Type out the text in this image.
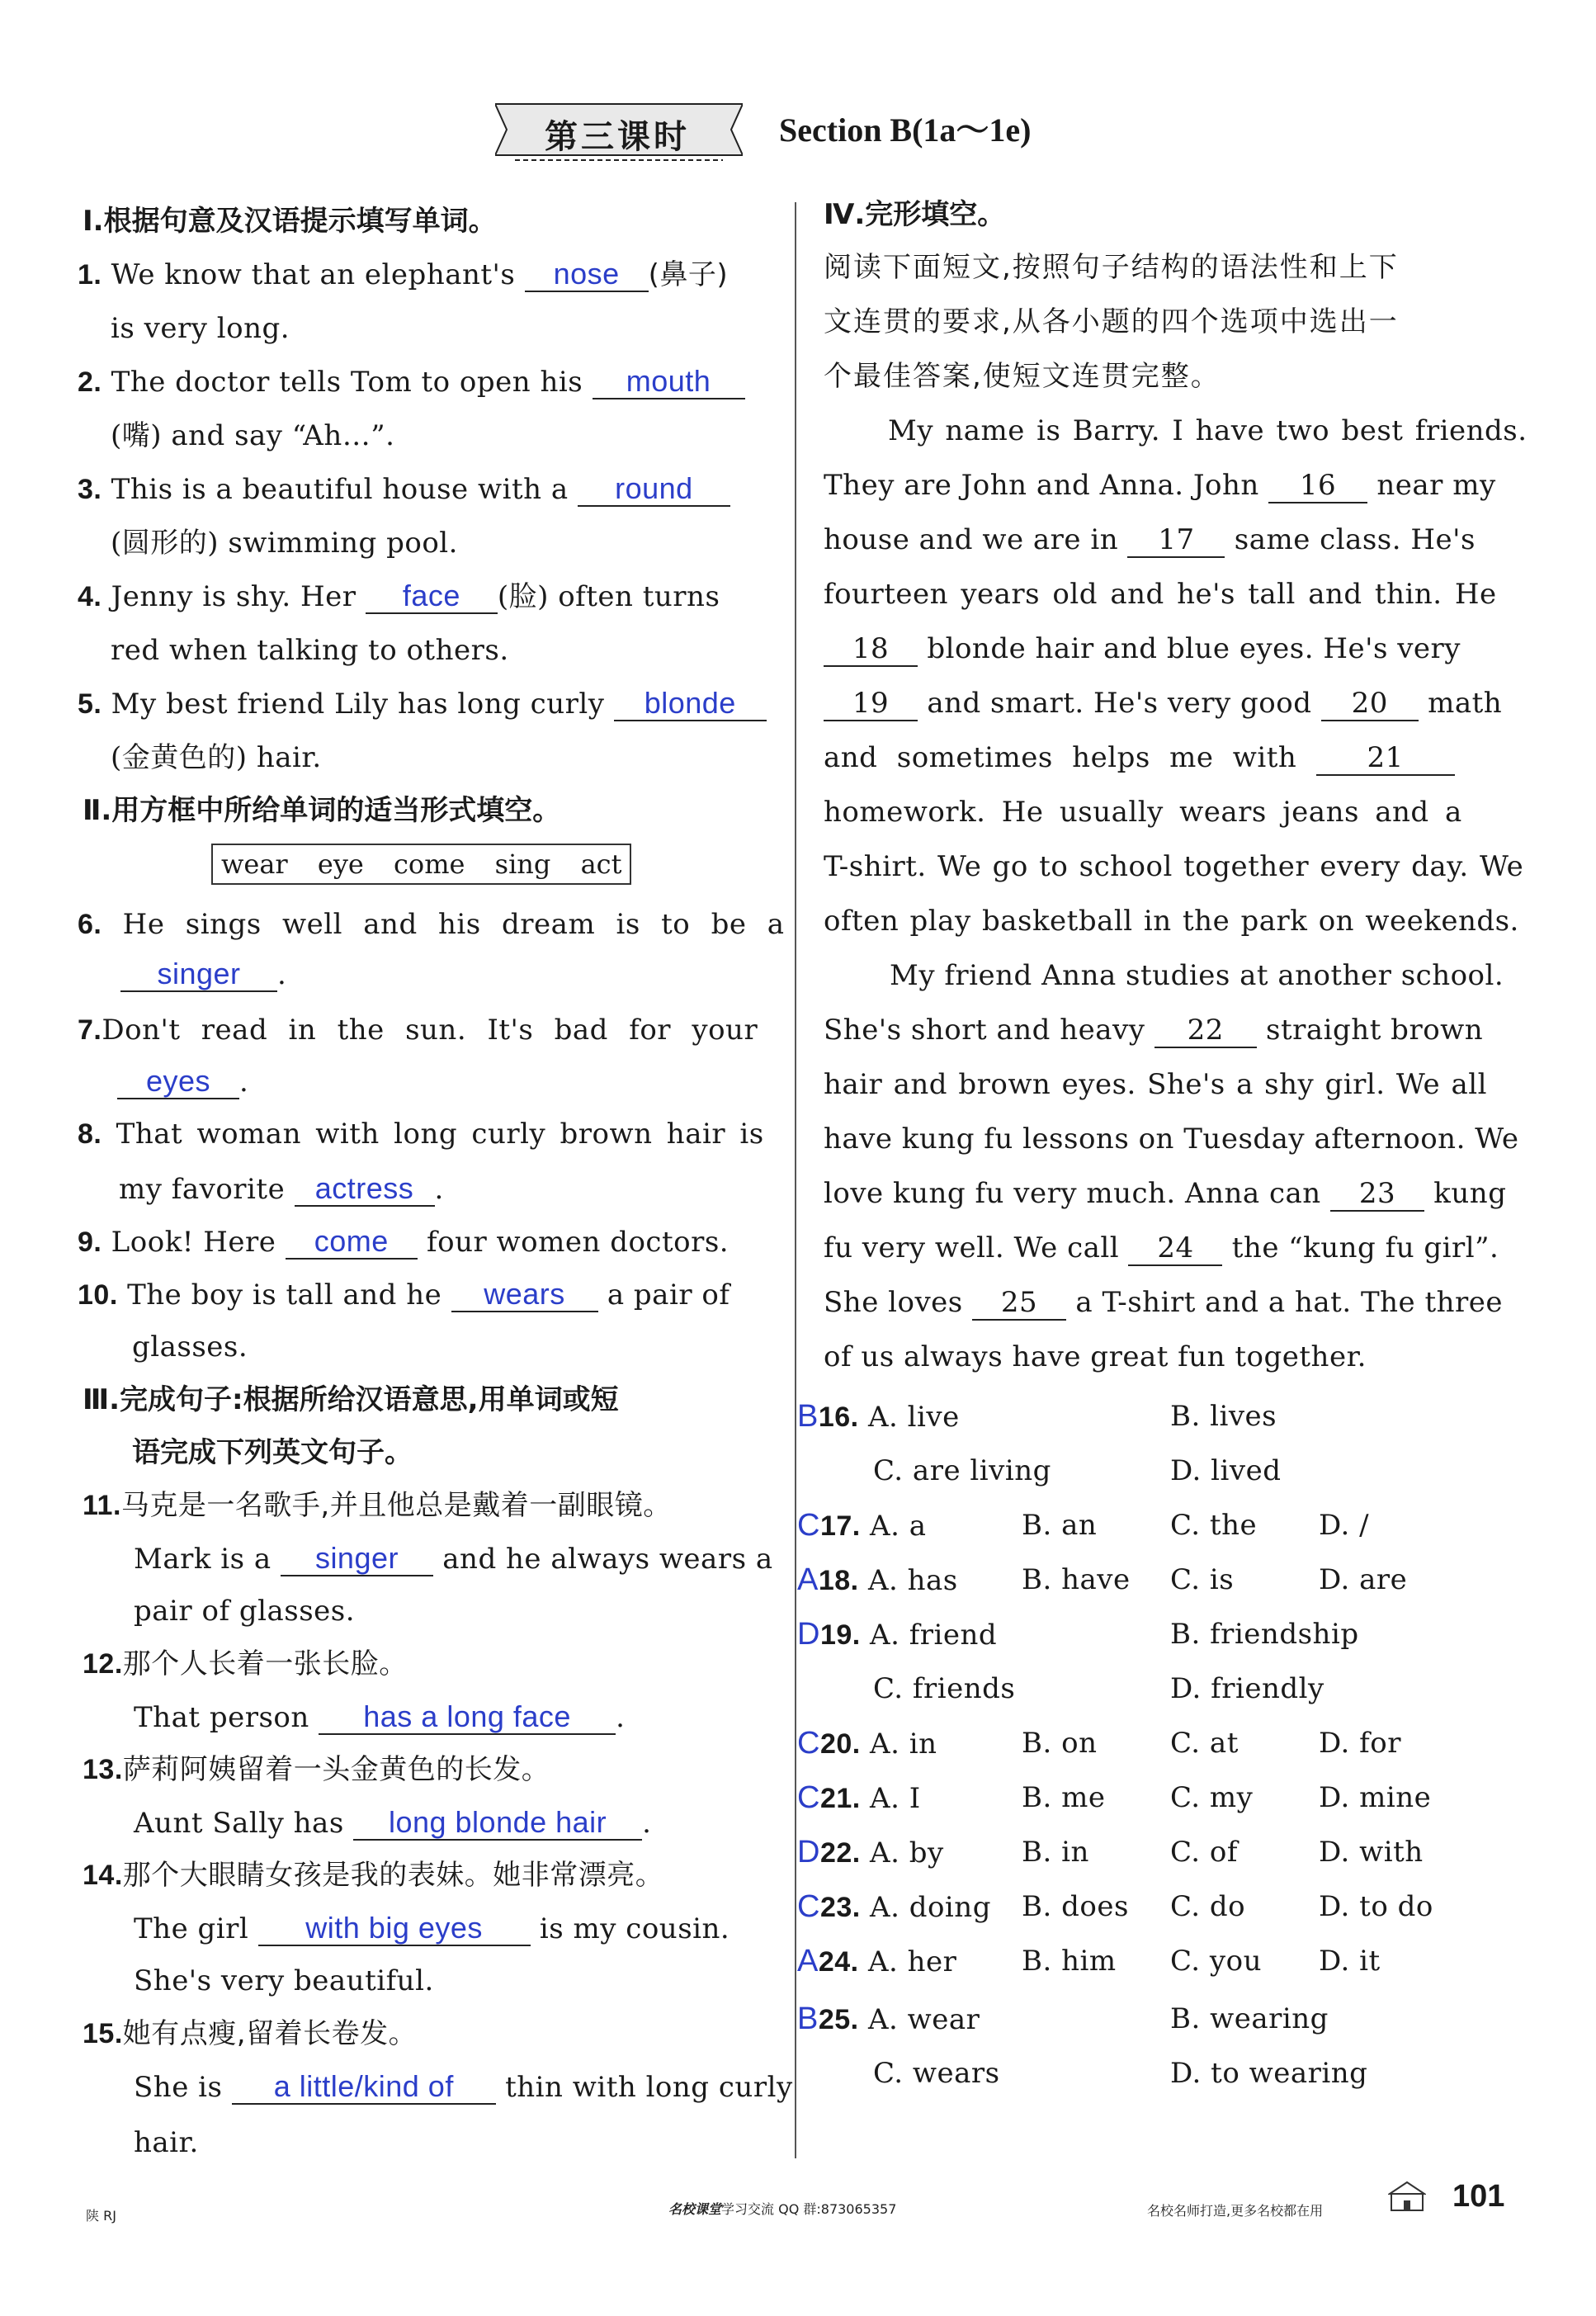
第三课时	Section B(1a～1e)
Ⅰ.根据句意及汉语提示填写单词。
1. We know that an elephant's nose (鼻子)
is very long.
2. The doctor tells Tom to open his mouth
(嘴) and say “Ah…”.
3. This is a beautiful house with a round
(圆形的) swimming pool.
4. Jenny is shy. Her face (脸) often turns
red when talking to others.
5. My best friend Lily has long curly blonde
(金黄色的) hair.
Ⅱ.用方框中所给单词的适当形式填空。
wear eye come sing act
6. He sings well and his dream is to be a
singer .
7.Don't read in the sun. It's bad for your
eyes .
8. That woman with long curly brown hair is
my favorite actress .
9. Look! Here come four women doctors.
10. The boy is tall and he wears a pair of
glasses.
Ⅲ.完成句子:根据所给汉语意思,用单词或短
语完成下列英文句子。
11.马克是一名歌手,并且他总是戴着一副眼镜。
Mark is a singer and he always wears a
pair of glasses.
12.那个人长着一张长脸。
That person has a long face .
13.萨莉阿姨留着一头金黄色的长发。
Aunt Sally has long blonde hair .
14.那个大眼睛女孩是我的表妹。她非常漂亮。
The girl with big eyes is my cousin.
She's very beautiful.
15.她有点瘦,留着长卷发。
She is a little/kind of thin with long curly
hair.
Ⅳ.完形填空。
阅读下面短文,按照句子结构的语法性和上下
文连贯的要求,从各小题的四个选项中选出一
个最佳答案,使短文连贯完整。
My name is Barry. I have two best friends.
They are John and Anna. John 16 near my
house and we are in 17 same class. He's
fourteen years old and he's tall and thin. He
18 blonde hair and blue eyes. He's very
19 and smart. He's very good 20 math
and sometimes helps me with	21
homework. He usually wears jeans and a
T-shirt. We go to school together every day. We
often play basketball in the park on weekends.
My friend Anna studies at another school.
She's short and heavy 22 straight brown
hair and brown eyes. She's a shy girl. We all
have kung fu lessons on Tuesday afternoon. We
love kung fu very much. Anna can 23 kung
fu very well. We call 24 the “kung fu girl”.
She loves 25 a T-shirt and a hat. The three
of us always have great fun together.
B16. A. live	B. lives
C. are living	D. lived
C17. A. a	B. an	C. the D. /
A18. A. has B. have C. is	D. are
D19. A. friend	B. friendship
C. friends	D. friendly
C20. A. in	B. on	C. at	D. for
C21. A. I	B. me C. my D. mine
D22. A. by	B. in	C. of	D. with
C23. A. doing B. does C. do	D. to do
A24. A. her B. him C. you D. it
B25. A. wear	B. wearing
C. wears	D. to wearing
陕 RJ	名校课堂学习交流 QQ 群:873065357	名校名师打造,更多名校都在用	101
